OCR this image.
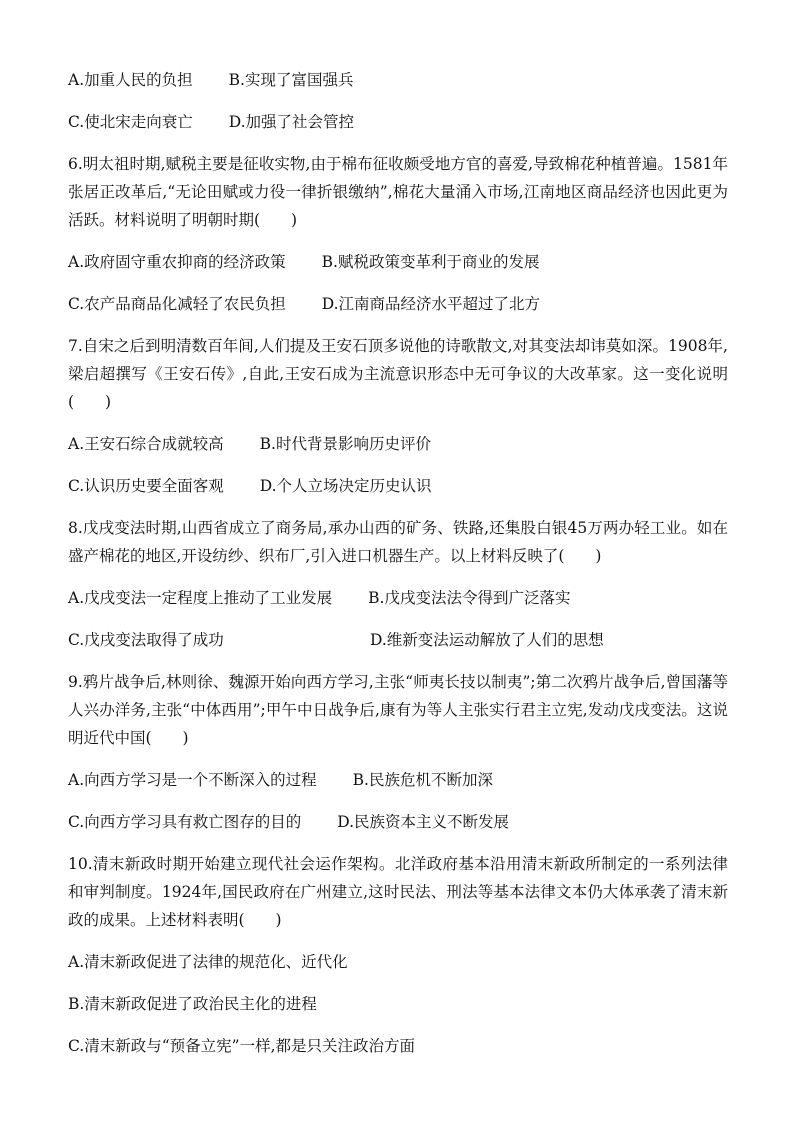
A.加重人民的负担 B.实现了富国强兵
C.使北宋走向衰亡 D.加强了社会管控
6.明太祖时期,赋税主要是征收实物,由于棉布征收颇受地方官的喜爱,导致棉花种植普遍。1581年张居正改革后,“无论田赋或力役一律折银缴纳”,棉花大量涌入市场,江南地区商品经济也因此更为活跃。材料说明了明朝时期(　　)
A.政府固守重农抑商的经济政策 B.赋税政策变革利于商业的发展
C.农产品商品化减轻了农民负担 D.江南商品经济水平超过了北方
7.自宋之后到明清数百年间,人们提及王安石顶多说他的诗歌散文,对其变法却讳莫如深。1908年,梁启超撰写《王安石传》,自此,王安石成为主流意识形态中无可争议的大改革家。这一变化说明(　　)
A.王安石综合成就较高 B.时代背景影响历史评价
C.认识历史要全面客观 D.个人立场决定历史认识
8.戊戌变法时期,山西省成立了商务局,承办山西的矿务、铁路,还集股白银45万两办轻工业。如在盛产棉花的地区,开设纺纱、织布厂,引入进口机器生产。以上材料反映了(　　)
A.戊戌变法一定程度上推动了工业发展 B.戊戌变法法令得到广泛落实
C.戊戌变法取得了成功	D.维新变法运动解放了人们的思想
9.鸦片战争后,林则徐、魏源开始向西方学习,主张“师夷长技以制夷”;第二次鸦片战争后,曾国藩等人兴办洋务,主张“中体西用”;甲午中日战争后,康有为等人主张实行君主立宪,发动戊戌变法。这说明近代中国(　　)
A.向西方学习是一个不断深入的过程 B.民族危机不断加深
C.向西方学习具有救亡图存的目的 D.民族资本主义不断发展
10.清末新政时期开始建立现代社会运作架构。北洋政府基本沿用清末新政所制定的一系列法律和审判制度。1924年,国民政府在广州建立,这时民法、刑法等基本法律文本仍大体承袭了清末新政的成果。上述材料表明(　　)
A.清末新政促进了法律的规范化、近代化
B.清末新政促进了政治民主化的进程
C.清末新政与“预备立宪”一样,都是只关注政治方面
